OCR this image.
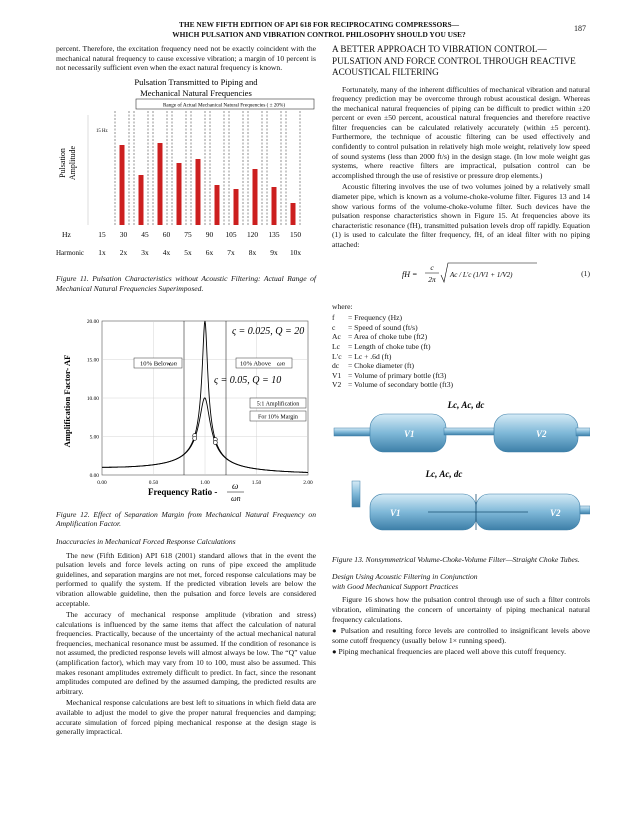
THE NEW FIFTH EDITION OF API 618 FOR RECIPROCATING COMPRESSORS—
WHICH PULSATION AND VIBRATION CONTROL PHILOSOPHY SHOULD YOU USE?
187

percent. Therefore, the excitation frequency need not be exactly coincident with the mechanical natural frequency to cause excessive vibration; a margin of 10 percent is not necessarily sufficient even when the exact natural frequency is known.

Pulsation Transmitted to Piping and
Mechanical Natural Frequencies
Range of Actual Mechanical Natural Frequencies ( ± 20%)
Pulsation Amplitude
15 Hz

Hz	15 30 45 60 75 90 105 120 135 150
Harmonic 1x 2x 3x 4x 5x 6x 7x 8x 9x 10x

Figure 11. Pulsation Characteristics without Acoustic Filtering: Actual Range of Mechanical Natural Frequencies Superimposed.

Amplification Factor- AF
20.00
15.00
10.00
5.00
0.00
0.00	0.50	1.00	1.50	2.00
ς = 0.025, Q = 20
ς = 0.05, Q = 10
10% Below
ωn	10% Above ωn
5:1 Amplification
For 10% Margin
Frequency Ratio -
ω
ωn

Figure 12. Effect of Separation Margin from Mechanical Natural Frequency on Amplification Factor.

Inaccuracies in Mechanical Forced Response Calculations

The new (Fifth Edition) API 618 (2001) standard allows that in the event the pulsation levels and force levels acting on runs of pipe exceed the amplitude guidelines, and separation margins are not met, forced response calculations may be performed to qualify the system. If the predicted vibration levels are below the vibration allowable guideline, then the pulsation and force levels are considered acceptable.

The accuracy of mechanical response amplitude (vibration and stress) calculations is influenced by the same items that affect the calculation of natural frequencies. Practically, because of the uncertainty of the actual mechanical natural frequencies, mechanical resonance must be assumed. If the condition of resonance is not assumed, the predicted response levels will almost always be low. The “Q” value (amplification factor), which may vary from 10 to 100, must also be assumed. This makes resonant amplitudes extremely difficult to predict. In fact, since the resonant amplitudes computed are defined by the assumed damping, the predicted results are arbitrary.

Mechanical response calculations are best left to situations in which field data are available to adjust the model to give the proper natural frequencies and damping; accurate simulation of forced piping mechanical response at the design stage is generally impractical.

A BETTER APPROACH TO VIBRATION CONTROL—PULSATION AND FORCE CONTROL THROUGH REACTIVE ACOUSTICAL FILTERING

Fortunately, many of the inherent difficulties of mechanical vibration and natural frequency prediction may be overcome through robust acoustical design. Whereas the mechanical natural frequencies of piping can be difficult to predict within ±20 percent or even ±50 percent, acoustical natural frequencies and therefore reactive filter frequencies can be calculated relatively accurately (within ±5 percent). Furthermore, the technique of acoustic filtering can be used effectively and confidently to control pulsation in relatively high mole weight, relatively low speed of sound systems (less than 2000 ft/s) in the design stage. (In low mole weight gas systems, where reactive filters are impractical, pulsation control can be accomplished through the use of resistive or pressure drop elements.)

Acoustic filtering involves the use of two volumes joined by a relatively small diameter pipe, which is known as a volume-choke-volume filter. Figures 13 and 14 show various forms of the volume-choke-volume filter. Such devices have the pulsation response characteristics shown in Figure 15. At frequencies above its characteristic resonance (fH), transmitted pulsation levels drop off rapidly. Equation (1) is used to calculate the filter frequency, fH, of an ideal filter with no piping attached:

fH =
c
2π Ac / L′c (1/V1 + 1/V2)	(1)

where:

f	= Frequency (Hz)
c	= Speed of sound (ft/s)
Ac = Area of choke tube (ft2)
Lc	= Length of choke tube (ft)
L′c = Lc + .6d (ft)
dc	= Choke diameter (ft)
V1 = Volume of primary bottle (ft3)
V2 = Volume of secondary bottle (ft3)
Lc, Ac, dc
V1	V2
Lc, Ac, dc
V1	V2

Figure 13. Nonsymmetrical Volume-Choke-Volume Filter—Straight Choke Tubes.

Design Using Acoustic Filtering in Conjunction

with Good Mechanical Support Practices

Figure 16 shows how the pulsation control through use of such a filter controls vibration, eliminating the concern of uncertainty of piping mechanical natural frequency calculations.

● Pulsation and resulting force levels are controlled to insignificant levels above some cutoff frequency (usually below 1× running speed).

● Piping mechanical frequencies are placed well above this cutoff frequency.
